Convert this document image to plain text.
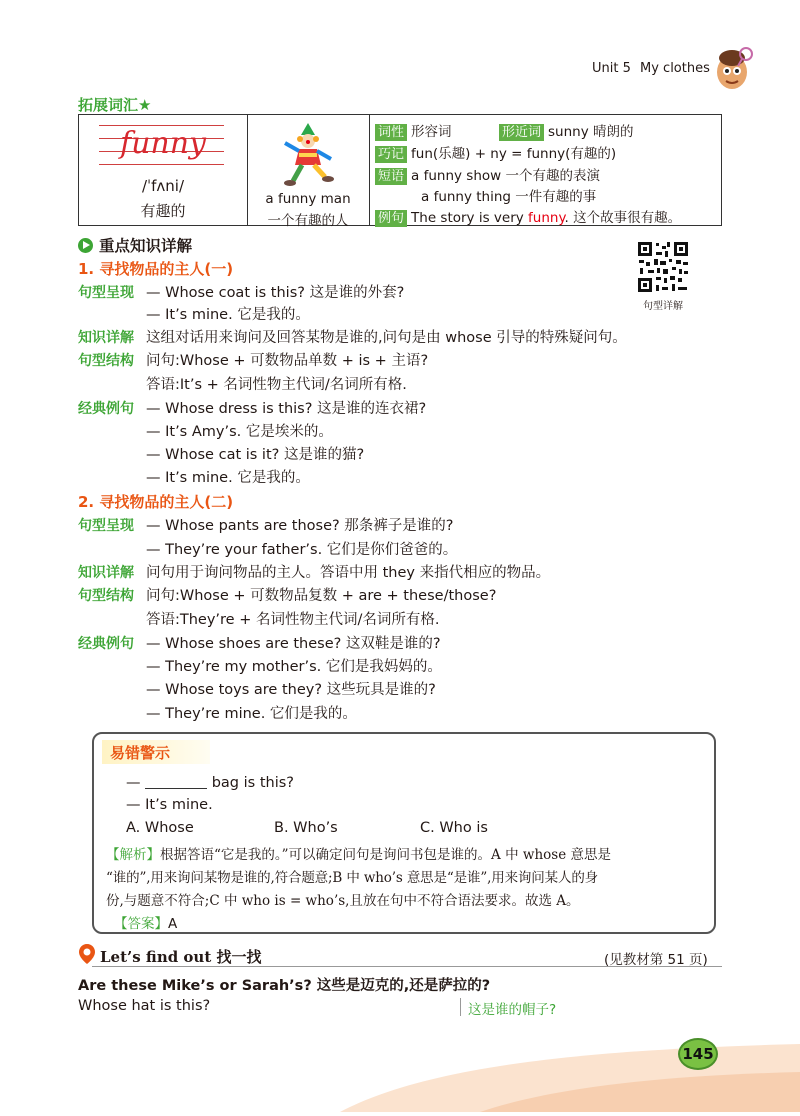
Unit 5 My clothes
拓展词汇★
funny
/ˈfʌni/
有趣的
a funny man
一个有趣的人
词性 形容词	形近词 sunny 晴朗的
巧记 fun(乐趣) + ny = funny(有趣的)
短语 a funny show 一个有趣的表演
a funny thing 一件有趣的事
例句 The story is very funny. 这个故事很有趣。
重点知识详解
句型详解
1. 寻找物品的主人(一)
句型呈现 — Whose coat is this? 这是谁的外套?
— It’s mine. 它是我的。
知识详解 这组对话用来询问及回答某物是谁的,问句是由 whose 引导的特殊疑问句。
句型结构 问句:Whose + 可数物品单数 + is + 主语?
答语:It’s + 名词性物主代词/名词所有格.
经典例句 — Whose dress is this? 这是谁的连衣裙?
— It’s Amy’s. 它是埃米的。
— Whose cat is it? 这是谁的猫?
— It’s mine. 它是我的。
2. 寻找物品的主人(二)
句型呈现 — Whose pants are those? 那条裤子是谁的?
— They’re your father’s. 它们是你们爸爸的。
知识详解 问句用于询问物品的主人。答语中用 they 来指代相应的物品。
句型结构 问句:Whose + 可数物品复数 + are + these/those?
答语:They’re + 名词性物主代词/名词所有格.
经典例句 — Whose shoes are these? 这双鞋是谁的?
— They’re my mother’s. 它们是我妈妈的。
— Whose toys are they? 这些玩具是谁的?
— They’re mine. 它们是我的。
易错警示
—	bag is this?
— It’s mine.
A. Whose	B. Who’s	C. Who is
【解析】根据答语“它是我的。”可以确定问句是询问书包是谁的。A 中 whose 意思是
“谁的”,用来询问某物是谁的,符合题意;B 中 who’s 意思是“是谁”,用来询问某人的身
份,与题意不符合;C 中 who is = who’s,且放在句中不符合语法要求。故选 A。
【答案】A
Let’s find out 找一找	(见教材第 51 页)
Are these Mike’s or Sarah’s? 这些是迈克的,还是萨拉的?
Whose hat is this?	这是谁的帽子?
145
